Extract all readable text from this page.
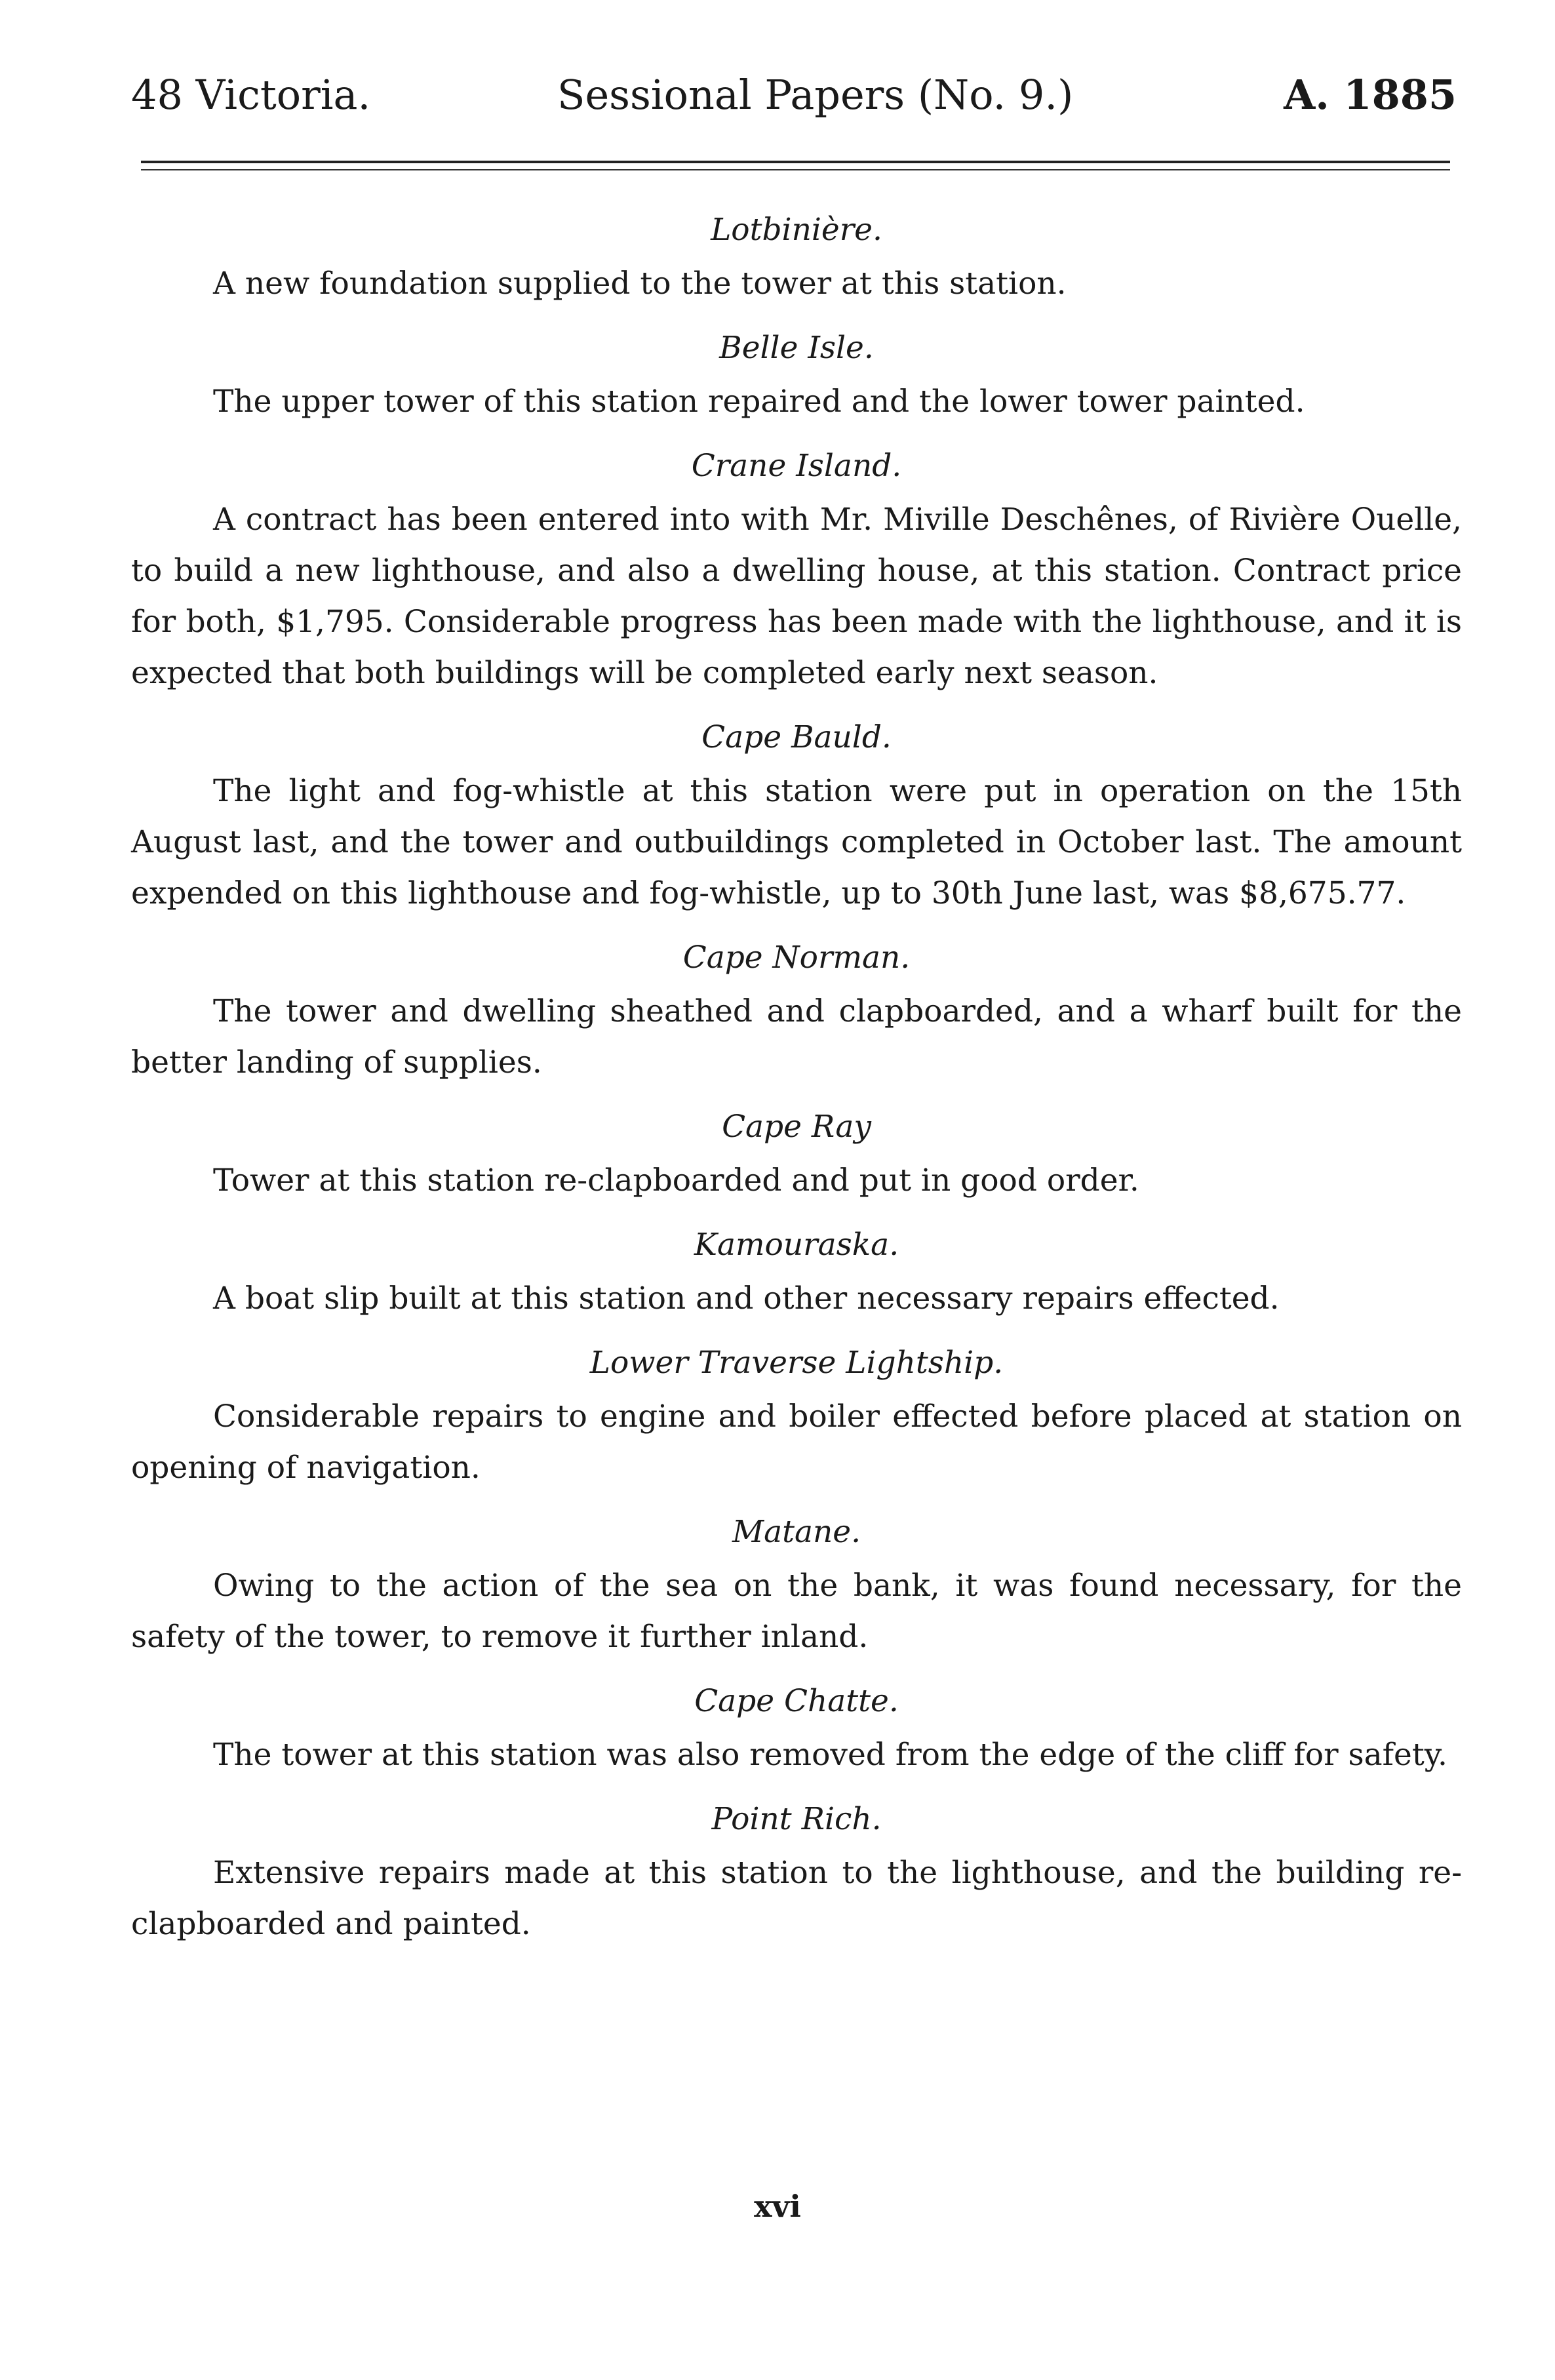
48 Victoria.	Sessional Papers (No. 9.)	A. 1885
Lotbinière.

A new foundation supplied to the tower at this station.

Belle Isle.

The upper tower of this station repaired and the lower tower painted.

Crane Island.

A contract has been entered into with Mr. Miville Deschênes, of Rivière Ouelle, to build a new lighthouse, and also a dwelling house, at this station. Contract price for both, $1,795. Considerable progress has been made with the lighthouse, and it is expected that both buildings will be completed early next season.

Cape Bauld.

The light and fog-whistle at this station were put in operation on the 15th August last, and the tower and outbuildings completed in October last. The amount expended on this lighthouse and fog-whistle, up to 30th June last, was $8,675.77.

Cape Norman.

The tower and dwelling sheathed and clapboarded, and a wharf built for the better landing of supplies.

Cape Ray

Tower at this station re-clapboarded and put in good order.

Kamouraska.

A boat slip built at this station and other necessary repairs effected.

Lower Traverse Lightship.

Considerable repairs to engine and boiler effected before placed at station on opening of navigation.

Matane.

Owing to the action of the sea on the bank, it was found necessary, for the safety of the tower, to remove it further inland.

Cape Chatte.

The tower at this station was also removed from the edge of the cliff for safety.

Point Rich.

Extensive repairs made at this station to the lighthouse, and the building re-clapboarded and painted.

xvi
